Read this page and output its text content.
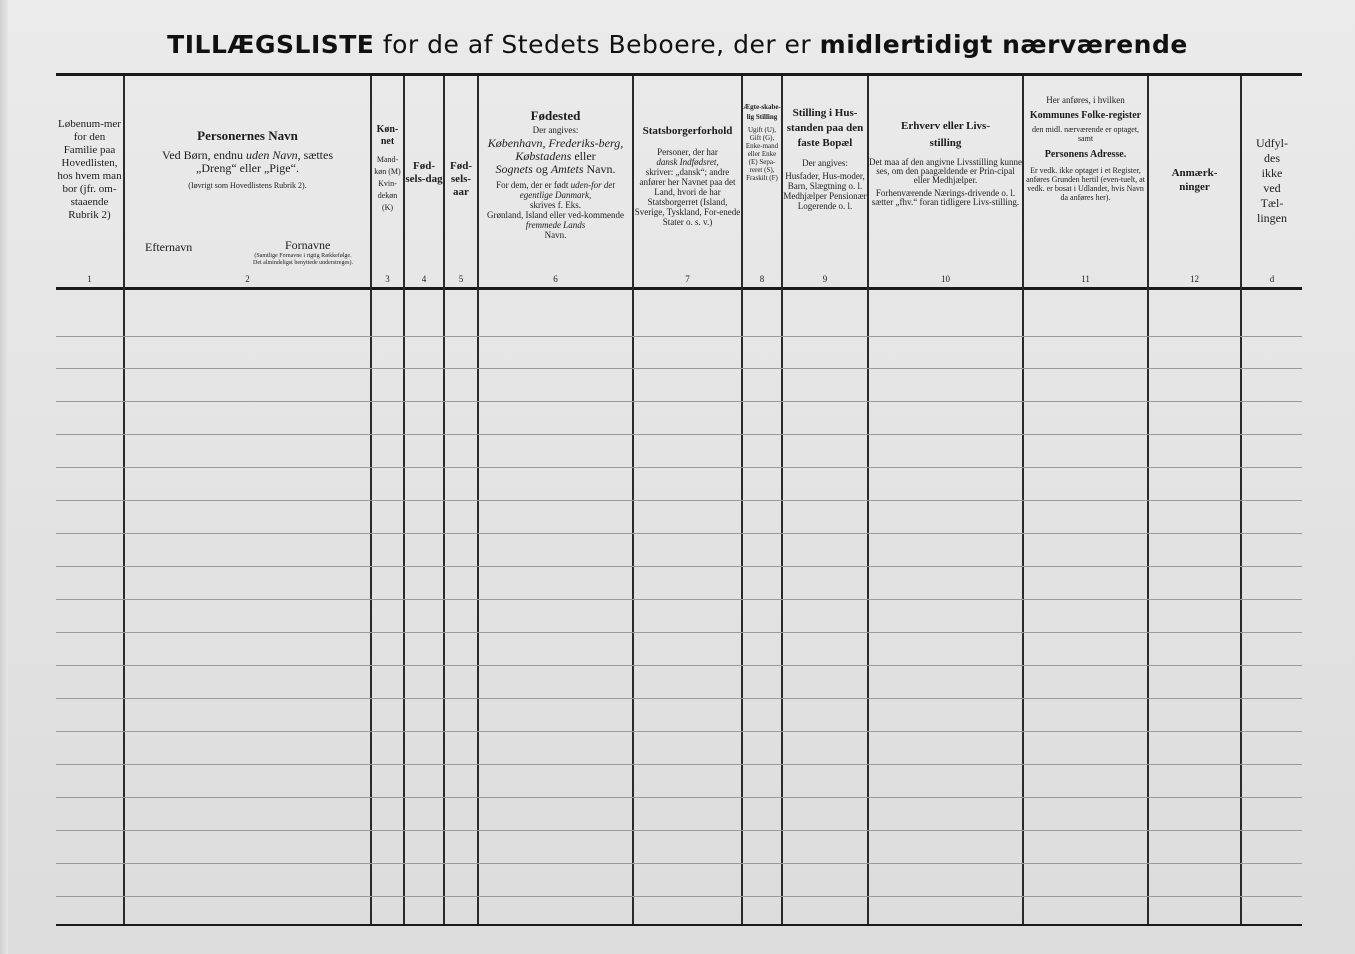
TILLÆGSLISTE for de af Stedets Beboere, der er midlertidigt nærværende
Løbenum-mer for den Familie paa Hovedlisten, hos hvem man bor (jfr. om-staaende Rubrik 2)
1
Personernes Navn
Ved Børn, endnu uden Navn, sættes
„Dreng“ eller „Pige“.
(Iøvrigt som Hovedlistens Rubrik 2).
Efternavn	Fornavne
(Samtlige Fornavne i rigtig Rækkefølge. Det almindeligst benyttede understreges).
2
Køn-net
Mand-køn (M) Kvin-dekøn (K)
3
Fød-sels-dag
4
Fød-sels-aar
5
Fødested
Der angives:
København, Frederiks-berg, Købstadens eller
Sognets og Amtets Navn.
For dem, der er født uden-for det egentlige Danmark,
skrives f. Eks.
Grønland, Island eller ved-kommende fremmede Lands
Navn.
6
Statsborgerforhold
Personer, der har
dansk Indfødsret,
skriver: „dansk“; andre anfører her Navnet paa det Land, hvori de har Statsborgerret (Island, Sverige, Tyskland, For-enede Stater o. s. v.)
7
Ægte-skabe-lig Stilling
Ugift (U), Gift (G), Enke-mand eller Enke (E) Sepa-reret (S), Fraskilt (F)
8
Stilling i Hus-standen paa den faste Bopæl
Der angives:
Husfader, Hus-moder, Barn, Slægtning o. l. Medhjælper Pensionær Logerende o. l.
9
Erhverv eller Livs-stilling
Det maa af den angivne Livsstilling kunne ses, om den paagældende er Prin-cipal eller Medhjælper.
Forhenværende Nærings-drivende o. l. sætter „fhv.“ foran tidligere Livs-stilling.
10
Her anføres, i hvilken
Kommunes Folke-register
den midl. nærværende er optaget, samt
Personens Adresse.
Er vedk. ikke optaget i et Register, anføres Grunden hertil (even-tuelt, at vedk. er bosat i Udlandet, hvis Navn da anføres her).
11
Anmærk-ninger
12
Udfyl-des ikke ved Tæl-lingen
d
